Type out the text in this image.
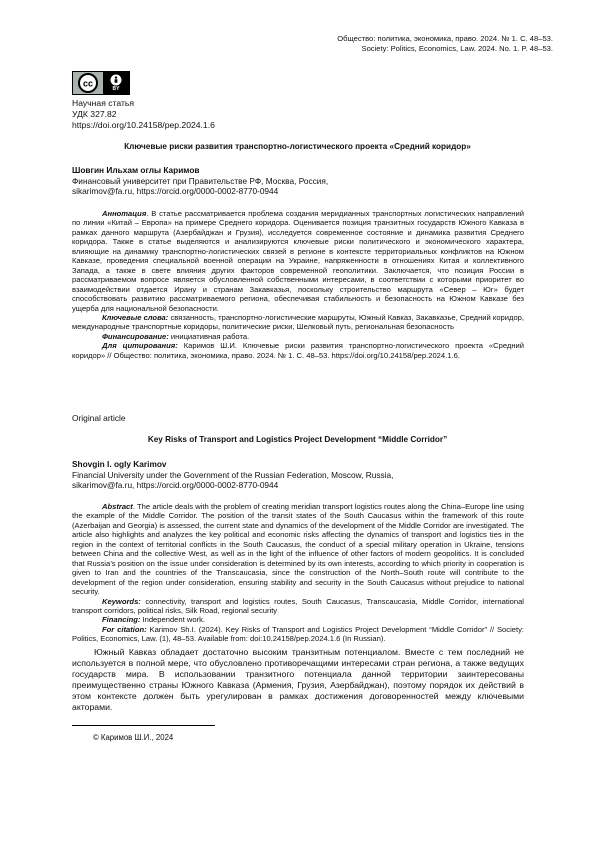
Общество: политика, экономика, право. 2024. № 1. С. 48–53.
Society: Politics, Economics, Law. 2024. No. 1. P. 48–53.
cc
BY
Научная статья
УДК 327.82
https://doi.org/10.24158/pep.2024.1.6
Ключевые риски развития транспортно-логистического проекта «Средний коридор»
Шовгин Ильхам оглы Каримов
Финансовый университет при Правительстве РФ, Москва, Россия,
sikarimov@fa.ru, https://orcid.org/0000-0002-8770-0944

Аннотация. В статье рассматривается проблема создания меридианных транспортных логистических направлений по линии «Китай – Европа» на примере Среднего коридора. Оценивается позиция транзитных государств Южного Кавказа в рамках данного маршрута (Азербайджан и Грузия), исследуется современное состояние и динамика развития Среднего коридора. Также в статье выделяются и анализируются ключевые риски политического и экономического характера, влияющие на динамику транспортно-логистических связей в регионе в контексте территориальных конфликтов на Южном Кавказе, проведения специальной военной операции на Украине, напряженности в отношениях Китая и коллективного Запада, а также в свете влияния других факторов современной геополитики. Заключается, что позиция России в рассматриваемом вопросе является обусловленной собственными интересами, в соответствии с которыми приоритет во взаимодействии отдается Ирану и странам Закавказья, поскольку строительство маршрута «Север – Юг» будет способствовать развитию рассматриваемого региона, обеспечивая стабильность и безопасность на Южном Кавказе без ущерба для национальной безопасности.

Ключевые слова: связанность, транспортно-логистические маршруты, Южный Кавказ, Закавказье, Средний коридор, международные транспортные коридоры, политические риски, Шелковый путь, региональная безопасность

Финансирование: инициативная работа.

Для цитирования: Каримов Ш.И. Ключевые риски развития транспортно-логистического проекта «Средний коридор» // Общество: политика, экономика, право. 2024. № 1. С. 48–53. https://doi.org/10.24158/pep.2024.1.6.

Original article
Key Risks of Transport and Logistics Project Development “Middle Corridor”
Shovgin I. ogly Karimov
Financial University under the Government of the Russian Federation, Moscow, Russia,
sikarimov@fa.ru, https://orcid.org/0000-0002-8770-0944

Abstract. The article deals with the problem of creating meridian transport logistics routes along the China–Europe line using the example of the Middle Corridor. The position of the transit states of the South Caucasus within the framework of this route (Azerbaijan and Georgia) is assessed, the current state and dynamics of the development of the Middle Corridor are investigated. The article also highlights and analyzes the key political and economic risks affecting the dynamics of transport and logistics ties in the region in the context of territorial conflicts in the South Caucasus, the conduct of a special military operation in Ukraine, tensions between China and the collective West, as well as in the light of the influence of other factors of modern geopolitics. It is concluded that Russia’s position on the issue under consideration is determined by its own interests, according to which priority in cooperation is given to Iran and the countries of the Transcaucasia, since the construction of the North–South route will contribute to the development of the region under consideration, ensuring stability and security in the South Caucasus without prejudice to national security.

Keywords: connectivity, transport and logistics routes, South Caucasus, Transcaucasia, Middle Corridor, international transport corridors, political risks, Silk Road, regional security

Financing: Independent work.

For citation: Karimov Sh.I. (2024). Key Risks of Transport and Logistics Project Development “Middle Corridor” // Society: Politics, Economics, Law. (1), 48–53. Available from: doi:10.24158/pep.2024.1.6 (In Russian).

Южный Кавказ обладает достаточно высоким транзитным потенциалом. Вместе с тем последний не используется в полной мере, что обусловлено противоречащими интересами стран региона, а также ведущих государств мира. В использовании транзитного потенциала данной территории заинтересованы преимущественно страны Южного Кавказа (Армения, Грузия, Азербайджан), поэтому порядок их действий в этом контексте должен быть урегулирован в рамках достижения договоренностей между ключевыми акторами.
© Каримов Ш.И., 2024
